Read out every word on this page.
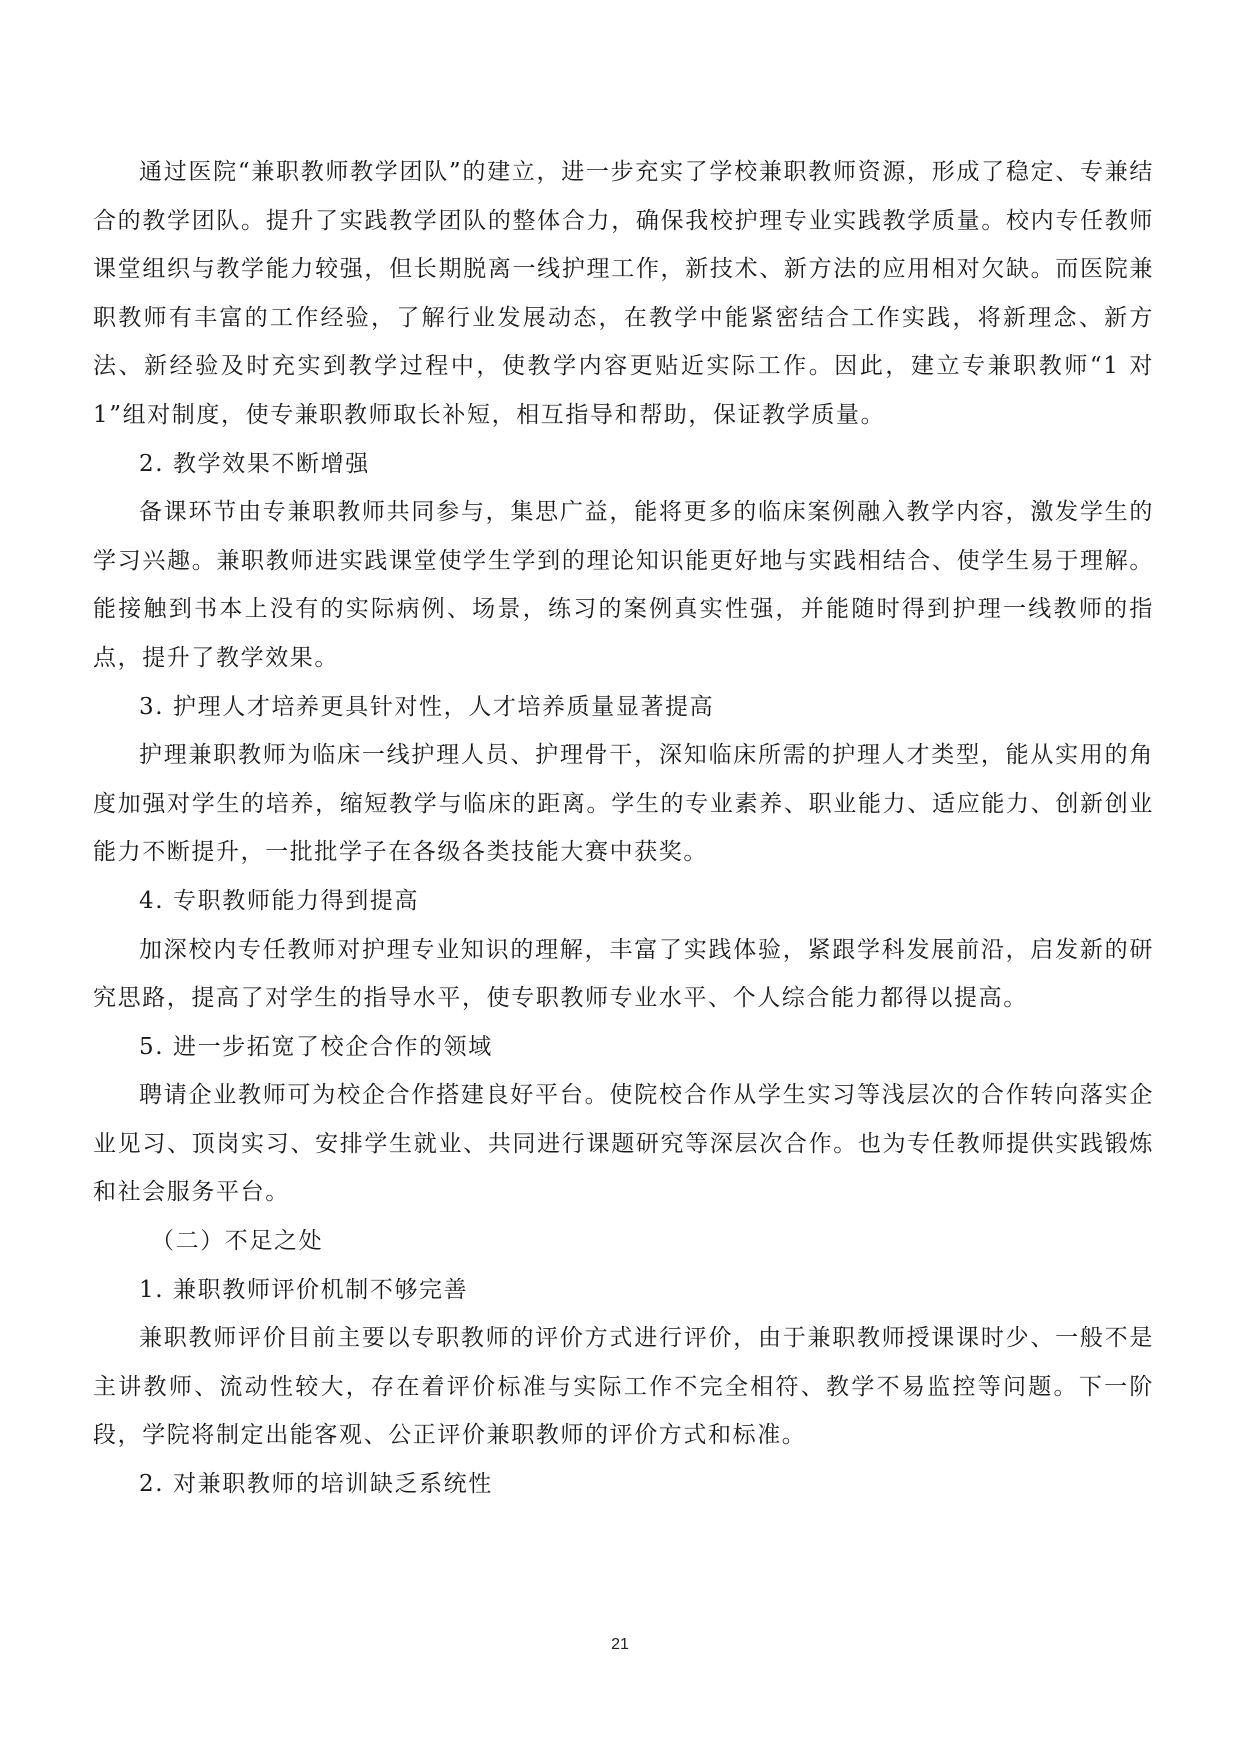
通过医院“兼职教师教学团队”的建立，进一步充实了学校兼职教师资源，形成了稳定、专兼结合的教学团队。提升了实践教学团队的整体合力，确保我校护理专业实践教学质量。校内专任教师课堂组织与教学能力较强，但长期脱离一线护理工作，新技术、新方法的应用相对欠缺。而医院兼职教师有丰富的工作经验，了解行业发展动态，在教学中能紧密结合工作实践，将新理念、新方法、新经验及时充实到教学过程中，使教学内容更贴近实际工作。因此，建立专兼职教师“1 对 1”组对制度，使专兼职教师取长补短，相互指导和帮助，保证教学质量。

2. 教学效果不断增强

备课环节由专兼职教师共同参与，集思广益，能将更多的临床案例融入教学内容，激发学生的学习兴趣。兼职教师进实践课堂使学生学到的理论知识能更好地与实践相结合、使学生易于理解。能接触到书本上没有的实际病例、场景，练习的案例真实性强，并能随时得到护理一线教师的指点，提升了教学效果。

3. 护理人才培养更具针对性，人才培养质量显著提高

护理兼职教师为临床一线护理人员、护理骨干，深知临床所需的护理人才类型，能从实用的角度加强对学生的培养，缩短教学与临床的距离。学生的专业素养、职业能力、适应能力、创新创业能力不断提升，一批批学子在各级各类技能大赛中获奖。

4. 专职教师能力得到提高

加深校内专任教师对护理专业知识的理解，丰富了实践体验，紧跟学科发展前沿，启发新的研究思路，提高了对学生的指导水平，使专职教师专业水平、个人综合能力都得以提高。

5. 进一步拓宽了校企合作的领域

聘请企业教师可为校企合作搭建良好平台。使院校合作从学生实习等浅层次的合作转向落实企业见习、顶岗实习、安排学生就业、共同进行课题研究等深层次合作。也为专任教师提供实践锻炼和社会服务平台。

（二）不足之处

1. 兼职教师评价机制不够完善

兼职教师评价目前主要以专职教师的评价方式进行评价，由于兼职教师授课课时少、一般不是主讲教师、流动性较大，存在着评价标准与实际工作不完全相符、教学不易监控等问题。下一阶段，学院将制定出能客观、公正评价兼职教师的评价方式和标准。

2. 对兼职教师的培训缺乏系统性

21
